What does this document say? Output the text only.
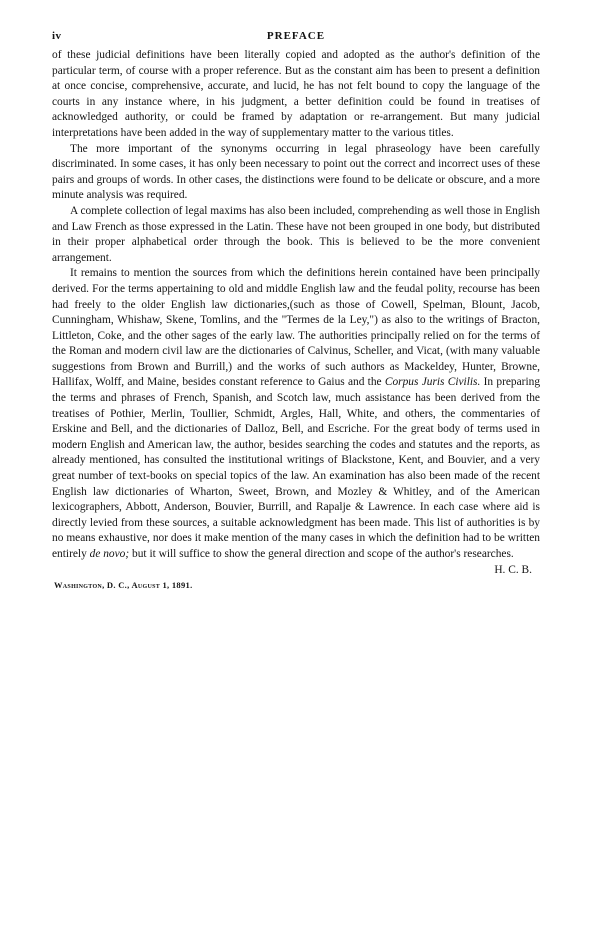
iv	PREFACE

of these judicial definitions have been literally copied and adopted as the author's definition of the particular term, of course with a proper reference. But as the constant aim has been to present a definition at once concise, comprehensive, accurate, and lucid, he has not felt bound to copy the language of the courts in any instance where, in his judgment, a better definition could be found in treatises of acknowledged authority, or could be framed by adaptation or re-arrangement. But many judicial interpretations have been added in the way of supplementary matter to the various titles.

The more important of the synonyms occurring in legal phraseology have been carefully discriminated. In some cases, it has only been necessary to point out the correct and incorrect uses of these pairs and groups of words. In other cases, the distinctions were found to be delicate or obscure, and a more minute analysis was required.

A complete collection of legal maxims has also been included, comprehending as well those in English and Law French as those expressed in the Latin. These have not been grouped in one body, but distributed in their proper alphabetical order through the book. This is believed to be the more convenient arrangement.

It remains to mention the sources from which the definitions herein contained have been principally derived. For the terms appertaining to old and middle English law and the feudal polity, recourse has been had freely to the older English law dictionaries,(such as those of Cowell, Spelman, Blount, Jacob, Cunningham, Whishaw, Skene, Tomlins, and the "Termes de la Ley,") as also to the writings of Bracton, Littleton, Coke, and the other sages of the early law. The authorities principally relied on for the terms of the Roman and modern civil law are the dictionaries of Calvinus, Scheller, and Vicat, (with many valuable suggestions from Brown and Burrill,) and the works of such authors as Mackeldey, Hunter, Browne, Hallifax, Wolff, and Maine, besides constant reference to Gaius and the Corpus Juris Civilis. In preparing the terms and phrases of French, Spanish, and Scotch law, much assistance has been derived from the treatises of Pothier, Merlin, Toullier, Schmidt, Argles, Hall, White, and others, the commentaries of Erskine and Bell, and the dictionaries of Dalloz, Bell, and Escriche. For the great body of terms used in modern English and American law, the author, besides searching the codes and statutes and the reports, as already mentioned, has consulted the institutional writings of Blackstone, Kent, and Bouvier, and a very great number of text-books on special topics of the law. An examination has also been made of the recent English law dictionaries of Wharton, Sweet, Brown, and Mozley & Whitley, and of the American lexicographers, Abbott, Anderson, Bouvier, Burrill, and Rapalje & Lawrence. In each case where aid is directly levied from these sources, a suitable acknowledgment has been made. This list of authorities is by no means exhaustive, nor does it make mention of the many cases in which the definition had to be written entirely de novo; but it will suffice to show the general direction and scope of the author's researches.

H. C. B.
Washington, D. C., August 1, 1891.
